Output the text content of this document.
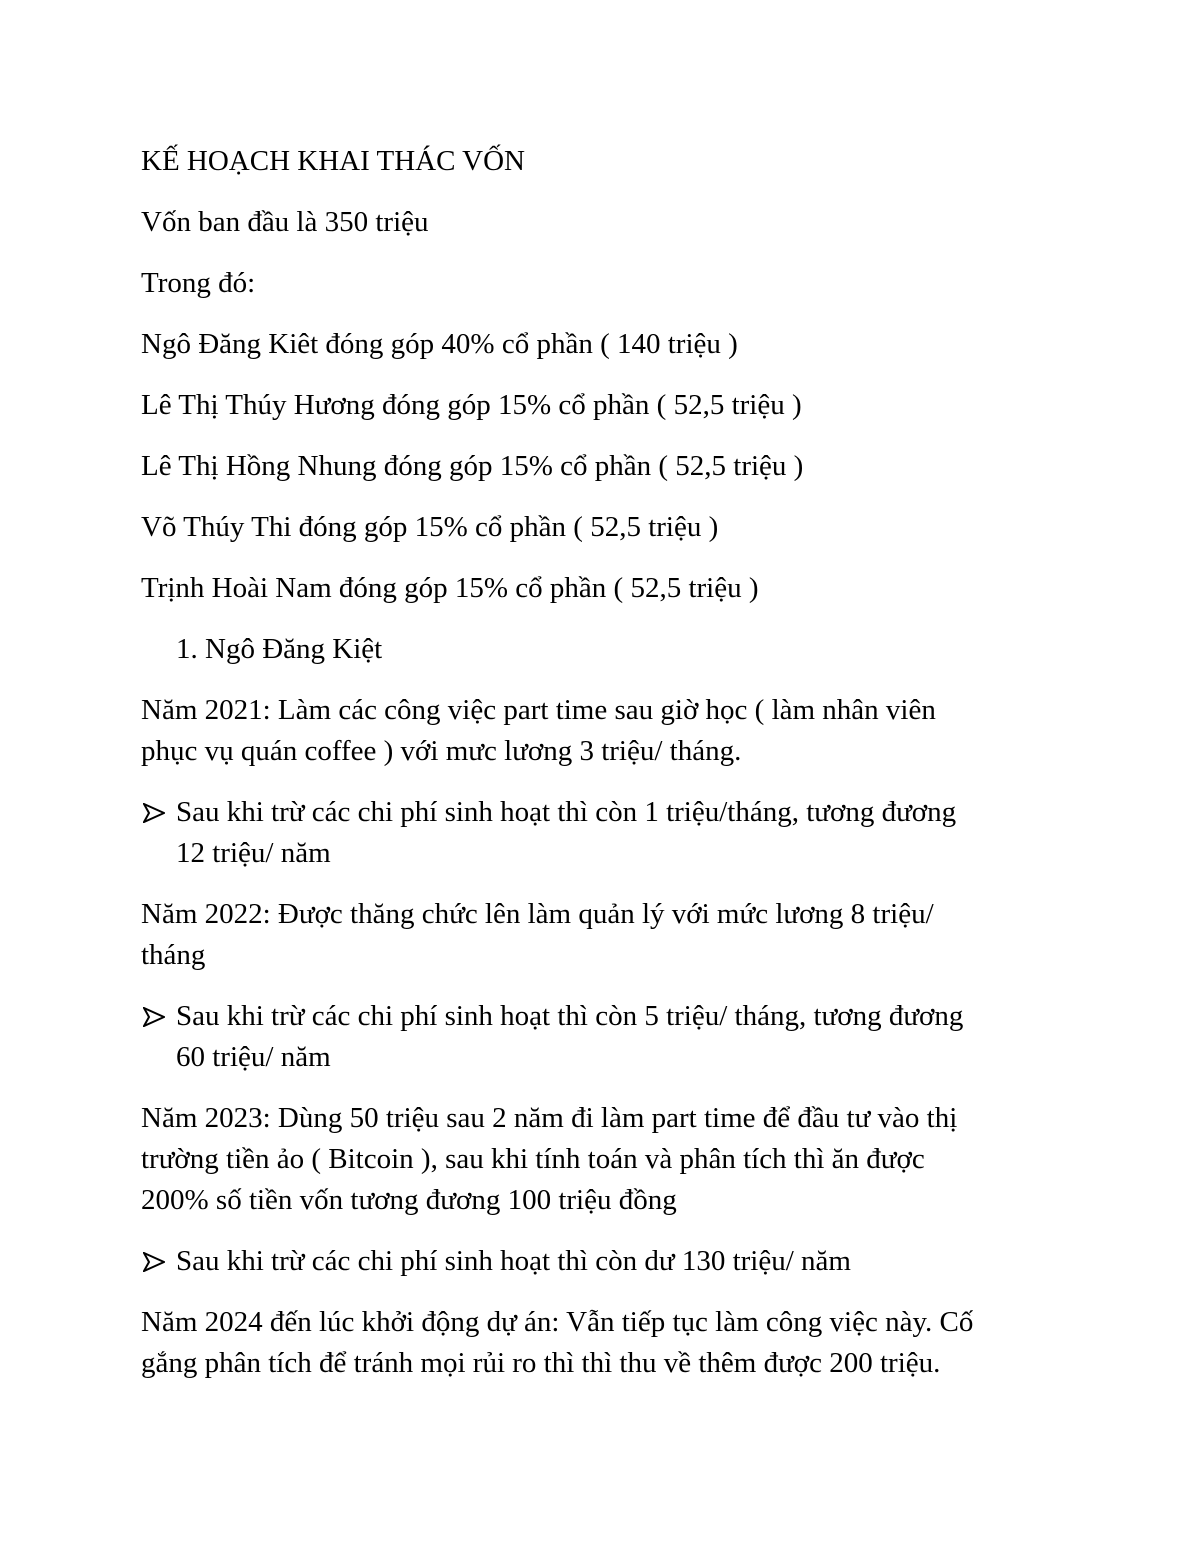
KẾ HOẠCH KHAI THÁC VỐN
Vốn ban đầu là 350 triệu
Trong đó:
Ngô Đăng Kiêt đóng góp 40% cổ phần ( 140 triệu )
Lê Thị Thúy Hương đóng góp 15% cổ phần ( 52,5 triệu )
Lê Thị Hồng Nhung đóng góp 15% cổ phần ( 52,5 triệu )
Võ Thúy Thi đóng góp 15% cổ phần ( 52,5 triệu )
Trịnh Hoài Nam đóng góp 15% cổ phần ( 52,5 triệu )
1. Ngô Đăng Kiệt
Năm 2021: Làm các công việc part time sau giờ học ( làm nhân viên
phục vụ quán coffee ) với mưc lương 3 triệu/ tháng.
Sau khi trừ các chi phí sinh hoạt thì còn 1 triệu/tháng, tương đương
12 triệu/ năm
Năm 2022: Được thăng chức lên làm quản lý với mức lương 8 triệu/
tháng
Sau khi trừ các chi phí sinh hoạt thì còn 5 triệu/ tháng, tương đương
60 triệu/ năm
Năm 2023: Dùng 50 triệu sau 2 năm đi làm part time để đầu tư vào thị
trường tiền ảo ( Bitcoin ), sau khi tính toán và phân tích thì ăn được
200% số tiền vốn tương đương 100 triệu đồng
Sau khi trừ các chi phí sinh hoạt thì còn dư 130 triệu/ năm
Năm 2024 đến lúc khởi động dự án: Vẫn tiếp tục làm công việc này. Cố
gắng phân tích để tránh mọi rủi ro thì thì thu về thêm được 200 triệu.
